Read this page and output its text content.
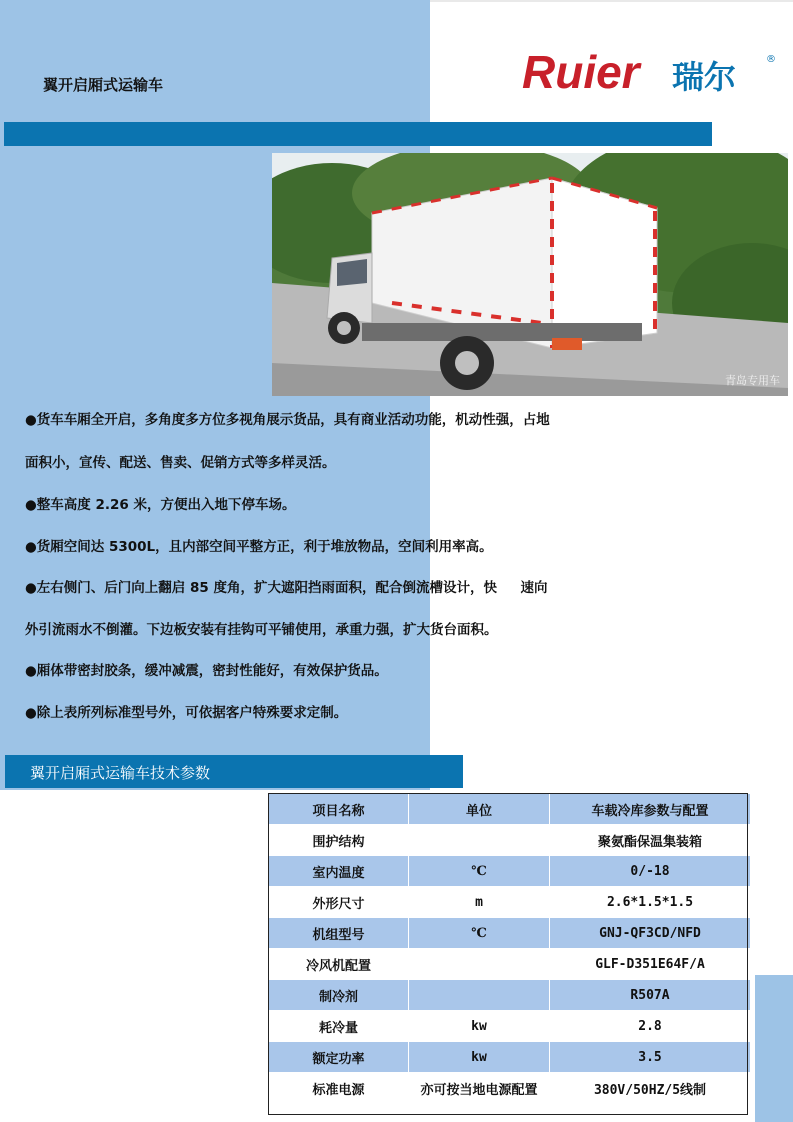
翼开启厢式运输车	Ruier 瑞尔	®
青岛专用车
●货车车厢全开启，多角度多方位多视角展示货品，具有商业活动功能，机动性强，占地
面积小，宣传、配送、售卖、促销方式等多样灵活。
●整车高度 2.26 米，方便出入地下停车场。
●货厢空间达 5300L，且内部空间平整方正，利于堆放物品，空间利用率高。
●左右侧门、后门向上翻启 85 度角，扩大遮阳挡雨面积，配合倒流槽设计，快     速向
外引流雨水不倒灌。下边板安装有挂钩可平铺使用，承重力强，扩大货台面积。
●厢体带密封胶条，缓冲减震，密封性能好，有效保护货品。
●除上表所列标准型号外，可依据客户特殊要求定制。
翼开启厢式运输车技术参数
项目名称	单位	车载冷库参数与配置
围护结构		聚氨酯保温集装箱
室内温度	℃	0/-18
外形尺寸	m	2.6*1.5*1.5
机组型号	℃	GNJ-QF3CD/NFD
冷风机配置		GLF-D351E64F/A
制冷剂		R507A
耗冷量	kw	2.8
额定功率	kw	3.5
标准电源	亦可按当地电源配置	380V/50HZ/5线制
